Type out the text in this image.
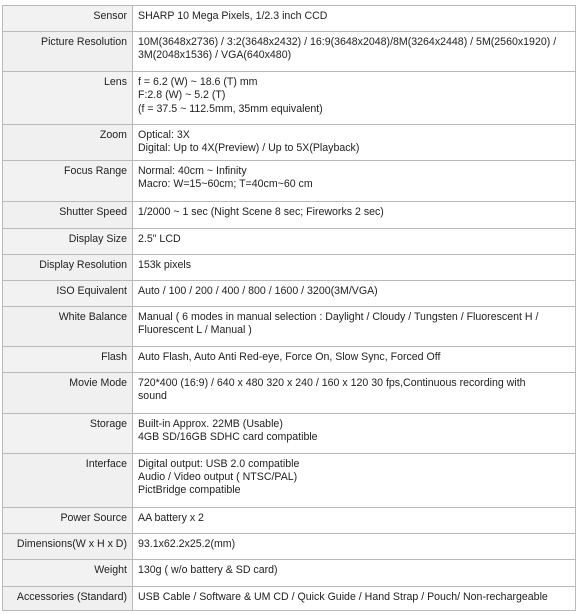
Sensor	SHARP 10 Mega Pixels, 1/2.3 inch CCD

Picture Resolution	10M(3648x2736) / 3:2(3648x2432) / 16:9(3648x2048)/8M(3264x2448) / 5M(2560x1920) /
3M(2048x1536) / VGA(640x480)

Lens	f = 6.2 (W) ~ 18.6 (T) mm
F:2.8 (W) ~ 5.2 (T)
(f = 37.5 ~ 112.5mm, 35mm equivalent)

Zoom	Optical: 3X
Digital: Up to 4X(Preview) / Up to 5X(Playback)

Focus Range	Normal: 40cm ~ Infinity
Macro: W=15~60cm; T=40cm~60 cm

Shutter Speed	1/2000 ~ 1 sec (Night Scene 8 sec; Fireworks 2 sec)

Display Size	2.5" LCD

Display Resolution	153k pixels

ISO Equivalent	Auto / 100 / 200 / 400 / 800 / 1600 / 3200(3M/VGA)

White Balance	Manual ( 6 modes in manual selection : Daylight / Cloudy / Tungsten / Fluorescent H /
Fluorescent L / Manual )

Flash	Auto Flash, Auto Anti Red-eye, Force On, Slow Sync, Forced Off

Movie Mode	720*400 (16:9) / 640 x 480 320 x 240 / 160 x 120 30 fps,Continuous recording with
sound

Storage	Built-in Approx. 22MB (Usable)
4GB SD/16GB SDHC card compatible

Interface	Digital output: USB 2.0 compatible
Audio / Video output ( NTSC/PAL)
PictBridge compatible

Power Source	AA battery x 2

Dimensions(W x H x D)	93.1x62.2x25.2(mm)

Weight	130g ( w/o battery & SD card)

Accessories (Standard)	USB Cable / Software & UM CD / Quick Guide / Hand Strap / Pouch/ Non-rechargeable
